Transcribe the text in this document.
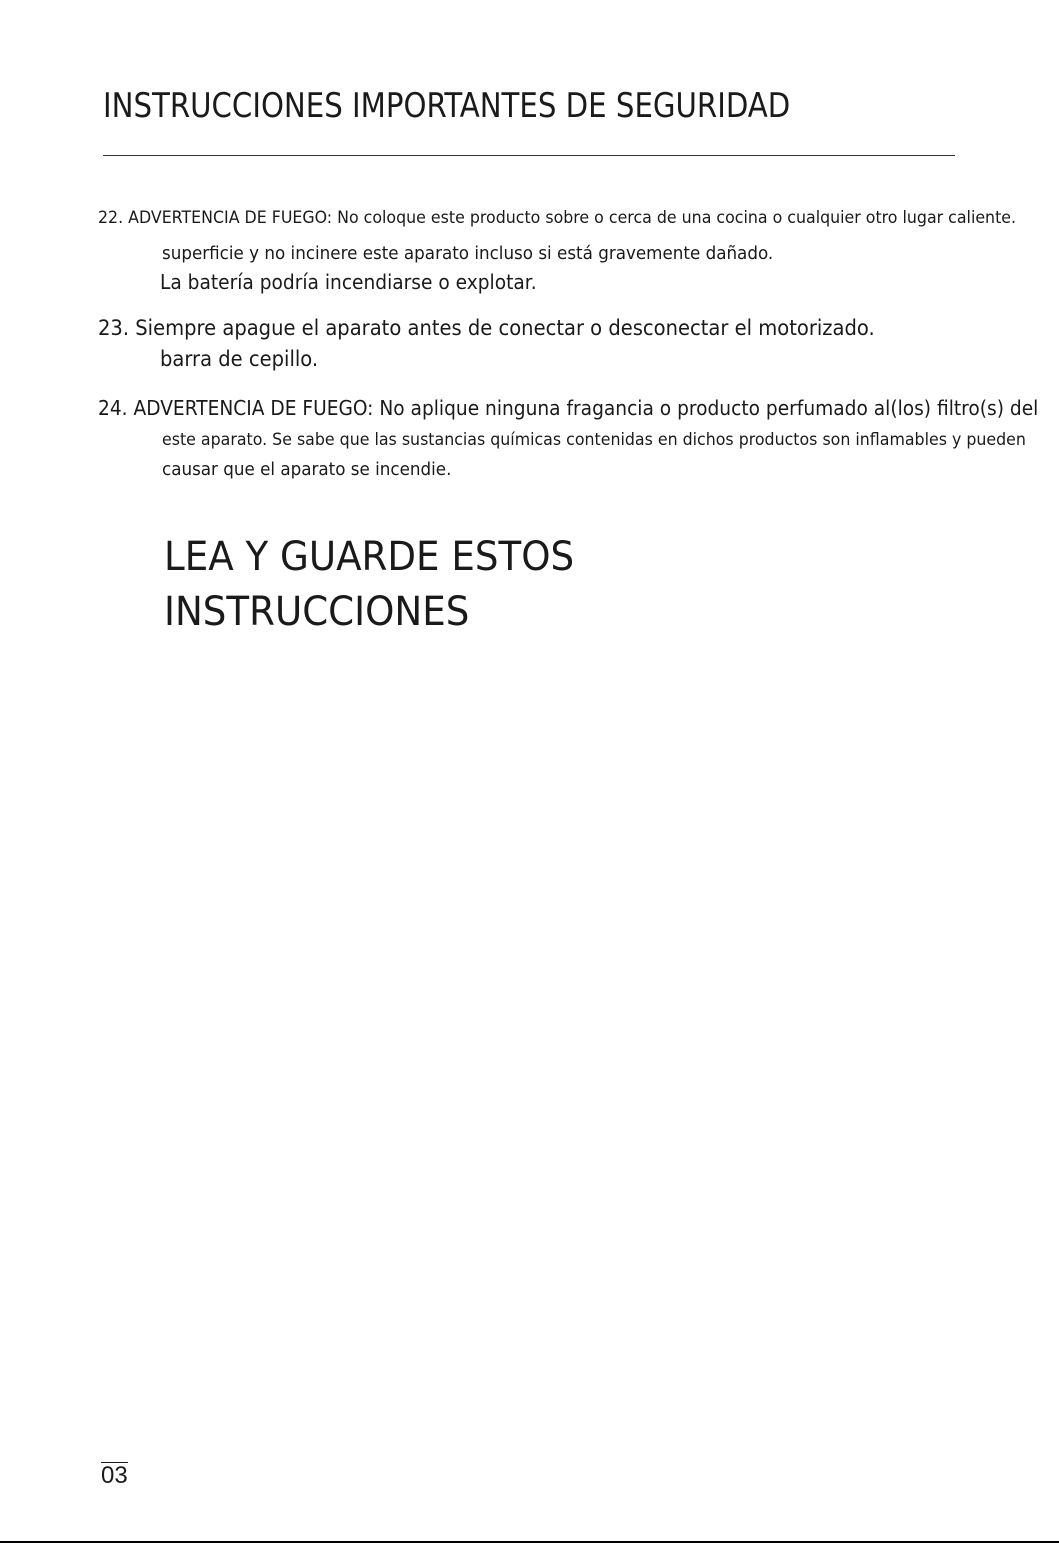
INSTRUCCIONES IMPORTANTES DE SEGURIDAD

22. ADVERTENCIA DE FUEGO: No coloque este producto sobre o cerca de una cocina o cualquier otro lugar caliente.

superficie y no incinere este aparato incluso si está gravemente dañado.

La batería podría incendiarse o explotar.

23. Siempre apague el aparato antes de conectar o desconectar el motorizado.

barra de cepillo.

24. ADVERTENCIA DE FUEGO: No aplique ninguna fragancia o producto perfumado al(los) filtro(s) del

este aparato. Se sabe que las sustancias químicas contenidas en dichos productos son inflamables y pueden

causar que el aparato se incendie.

LEA Y GUARDE ESTOS
INSTRUCCIONES
03
